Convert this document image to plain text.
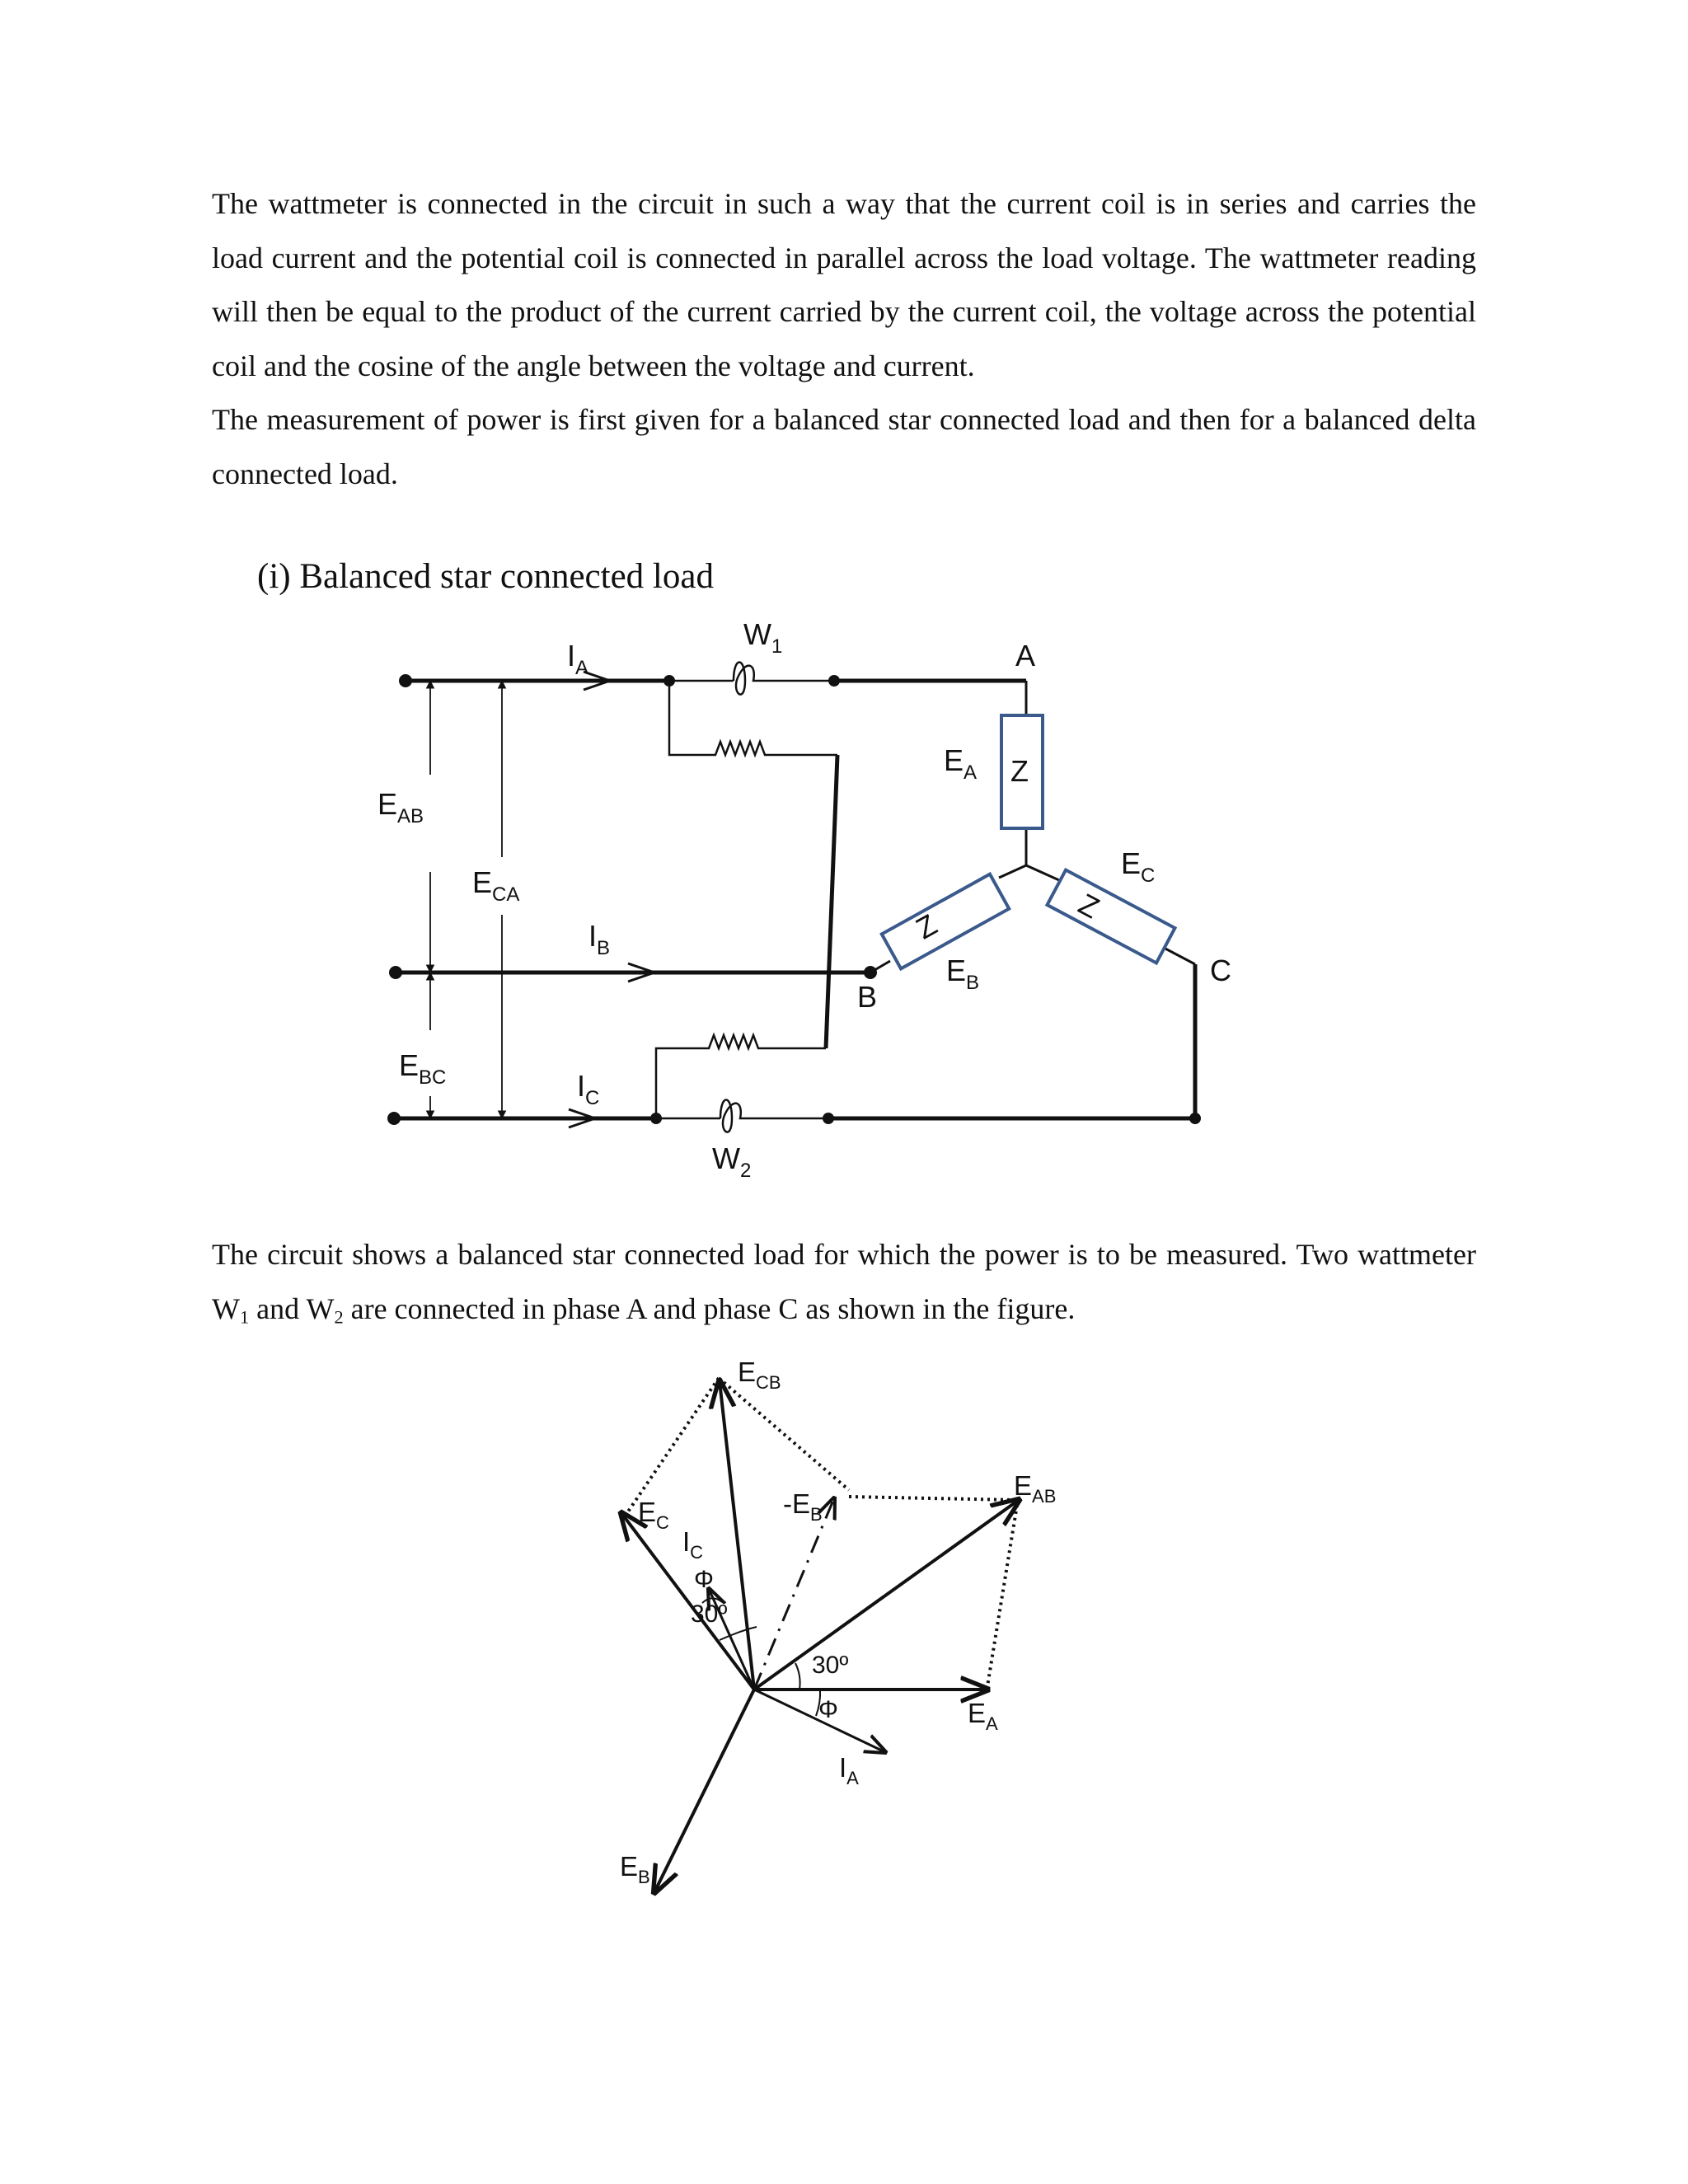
The wattmeter is connected in the circuit in such a way that the current coil is in series and carries the load current and the potential coil is connected in parallel across the load voltage. The wattmeter reading will then be equal to the product of the current carried by the current coil, the voltage across the potential coil and the cosine of the angle between the voltage and current.

The measurement of power is first given for a balanced star connected load and then for a balanced delta connected load.

(i) Balanced star connected load

The circuit shows a balanced star connected load for which the power is to be measured. Two wattmeter $W_1$ and $W_2$ are connected in phase A and phase C as shown in the figure.

$W_1$
$I_A$	A
$E_A$ Z
$E_{AB}$
$E_{CA}$
$E_C$
$I_B$
$E_B$	C
B
$E_{BC}$	$I_C$
$W_2$
Z
Z
$E_{CB}$
$E_{AB}$
$-E_B$
$E_C$
$I_C$
Φ
30º
30º
Φ	$E_A$
$I_A$
$E_B$
